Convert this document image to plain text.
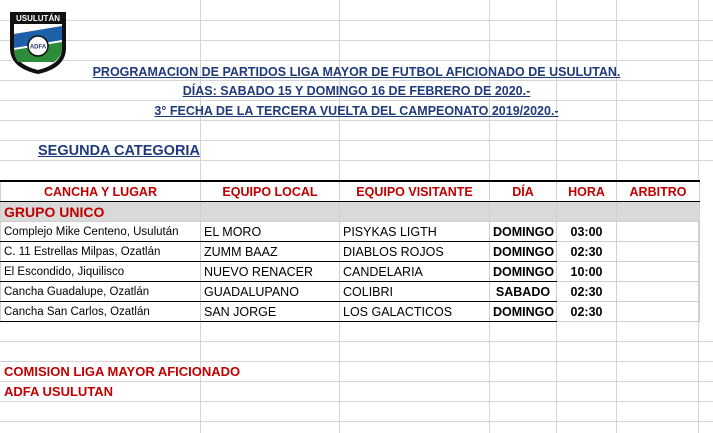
USULUTÁN
ADFA
FSF	PROGRAMACION DE PARTIDOS LIGA MAYOR DE FUTBOL AFICIONADO DE USULUTAN.
DÍAS: SABADO 15 Y DOMINGO 16 DE FEBRERO DE 2020.-
3° FECHA DE LA TERCERA VUELTA DEL CAMPEONATO 2019/2020.-
SEGUNDA CATEGORIA
CANCHA Y LUGAR	EQUIPO LOCAL	EQUIPO VISITANTE	DÍA	HORA	ARBITRO
GRUPO UNICO					
Complejo Mike Centeno, Usulután	EL MORO	PISYKAS LIGTH	DOMINGO	03:00	
C. 11 Estrellas Milpas, Ozatlán	ZUMM BAAZ	DIABLOS ROJOS	DOMINGO	02:30	
El Escondido, Jiquilisco	NUEVO RENACER	CANDELARIA	DOMINGO	10:00	
Cancha Guadalupe, Ozatlán	GUADALUPANO	COLIBRI	SABADO	02:30	
Cancha San Carlos, Ozatlán	SAN JORGE	LOS GALACTICOS	DOMINGO	02:30	
COMISION LIGA MAYOR AFICIONADO
ADFA USULUTAN
